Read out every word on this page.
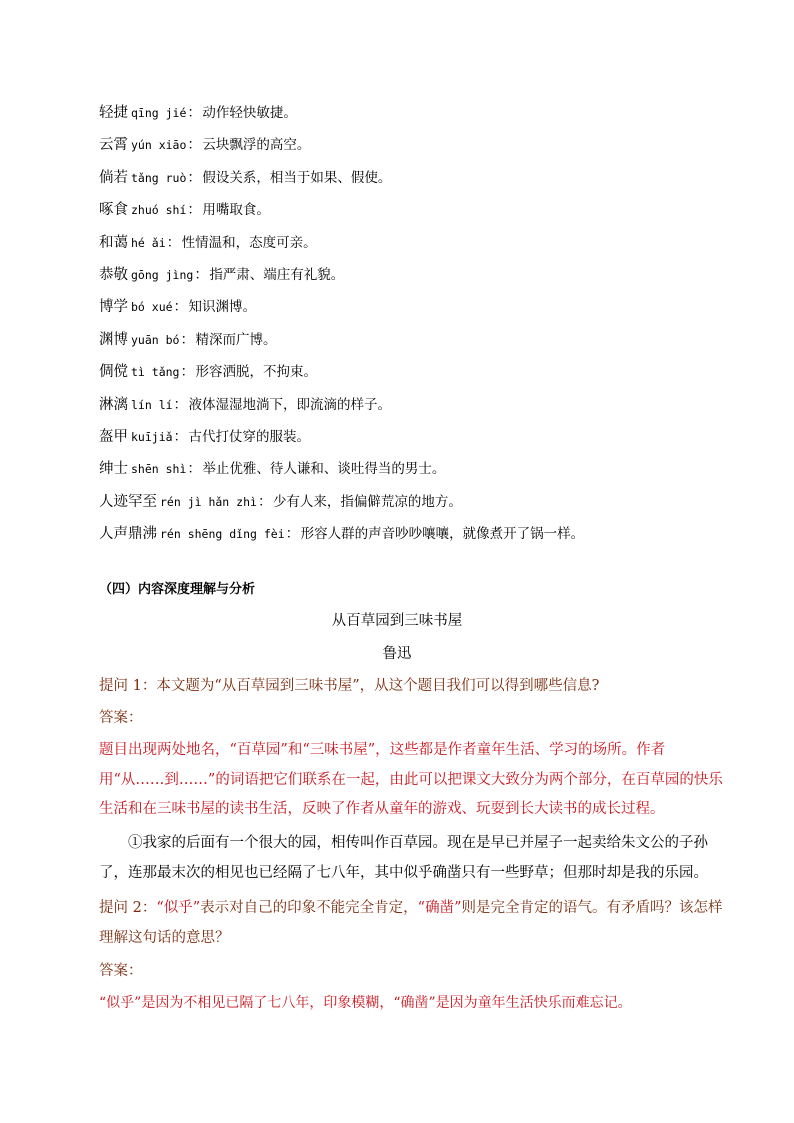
轻捷 qīng jié：动作轻快敏捷。
云霄 yún xiāo：云块飘浮的高空。
倘若 tǎng ruò：假设关系，相当于如果、假使。
啄食 zhuó shí：用嘴取食。
和蔼 hé ǎi：性情温和，态度可亲。
恭敬 gōng jìng：指严肃、端庄有礼貌。
博学 bó xué：知识渊博。
渊博 yuān bó：精深而广博。
倜傥 tì tǎng：形容洒脱，不拘束。
淋漓 lín lí：液体湿湿地淌下，即流滴的样子。
盔甲 kuījiǎ：古代打仗穿的服装。
绅士 shēn shì：举止优雅、待人谦和、谈吐得当的男士。
人迹罕至 rén jì hǎn zhì：少有人来，指偏僻荒凉的地方。
人声鼎沸 rén shēng dǐng fèi：形容人群的声音吵吵嚷嚷，就像煮开了锅一样。
（四）内容深度理解与分析
从百草园到三味书屋
鲁迅
提问 1：本文题为“从百草园到三味书屋”，从这个题目我们可以得到哪些信息?
答案：
题目出现两处地名，“百草园”和“三味书屋”，这些都是作者童年生活、学习的场所。作者用“从……到……”的词语把它们联系在一起，由此可以把课文大致分为两个部分，在百草园的快乐生活和在三味书屋的读书生活，反映了作者从童年的游戏、玩耍到长大读书的成长过程。
①我家的后面有一个很大的园，相传叫作百草园。现在是早已并屋子一起卖给朱文公的子孙了，连那最末次的相见也已经隔了七八年，其中似乎确凿只有一些野草；但那时却是我的乐园。
提问 2：“似乎”表示对自己的印象不能完全肯定，“确凿”则是完全肯定的语气。有矛盾吗？该怎样理解这句话的意思？
答案：
“似乎”是因为不相见已隔了七八年，印象模糊，“确凿”是因为童年生活快乐而难忘记。
